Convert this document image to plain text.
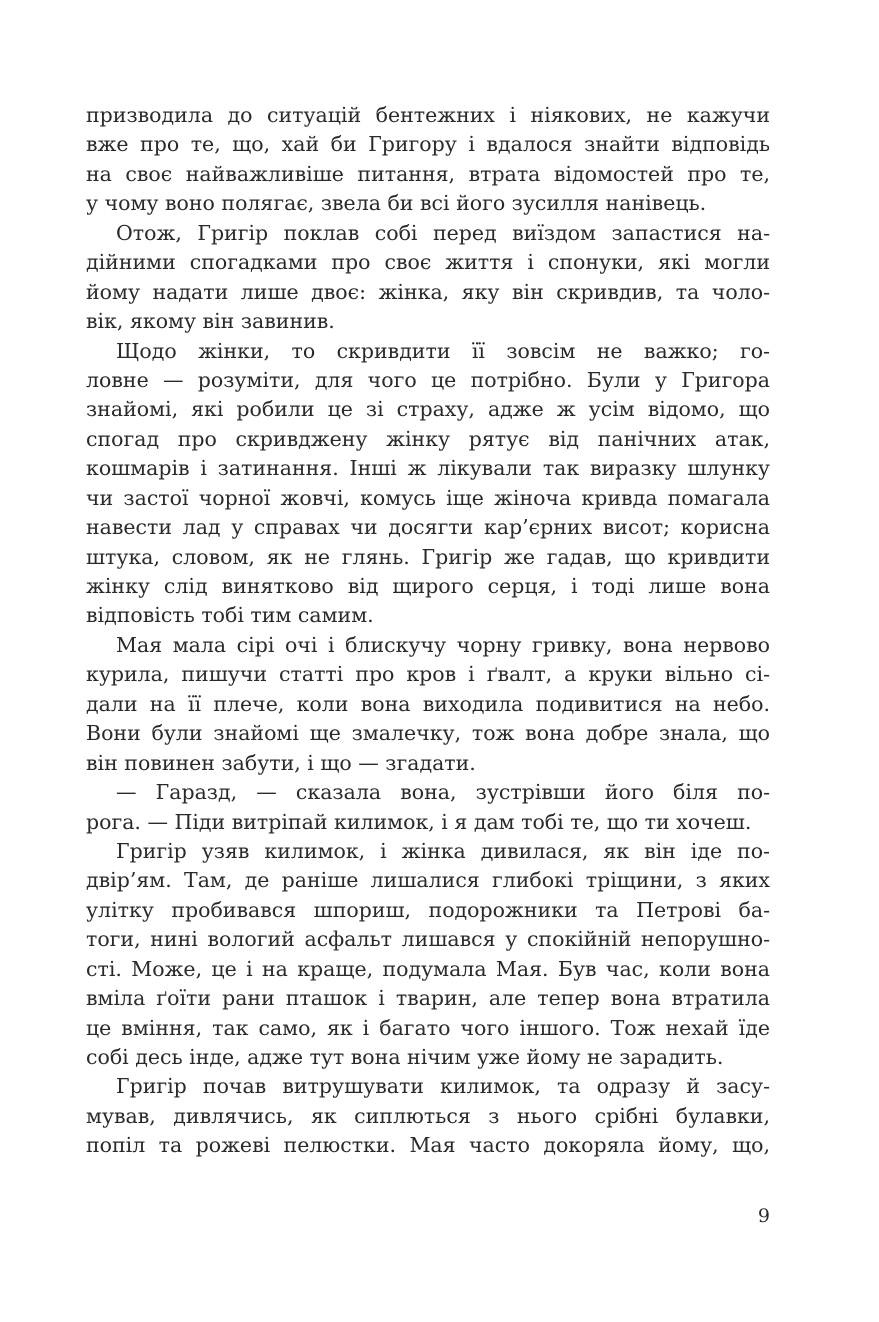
призводила до ситуацій бентежних і ніякових, не кажучи
вже про те, що, хай би Григору і вдалося знайти відповідь
на своє найважливіше питання, втрата відомостей про те,
у чому воно полягає, звела би всі його зусилля нанівець.
Отож, Григір поклав собі перед виїздом запастися на-
дійними спогадками про своє життя і спонуки, які могли
йому надати лише двоє: жінка, яку він скривдив, та чоло-
вік, якому він завинив.
Щодо жінки, то скривдити її зовсім не важко; го-
ловне — розуміти, для чого це потрібно. Були у Григора
знайомі, які робили це зі страху, адже ж усім відомо, що
спогад про скривджену жінку рятує від панічних атак,
кошмарів і затинання. Інші ж лікували так виразку шлунку
чи застої чорної жовчі, комусь іще жіноча кривда помагала
навести лад у справах чи досягти кар’єрних висот; корисна
штука, словом, як не глянь. Григір же гадав, що кривдити
жінку слід винятково від щирого серця, і тоді лише вона
відповість тобі тим самим.
Мая мала сірі очі і блискучу чорну гривку, вона нервово
курила, пишучи статті про кров і ґвалт, а круки вільно сі-
дали на її плече, коли вона виходила подивитися на небо.
Вони були знайомі ще змалечку, тож вона добре знала, що
він повинен забути, і що — згадати.
— Гаразд, — сказала вона, зустрівши його біля по-
рога. — Піди витріпай килимок, і я дам тобі те, що ти хочеш.
Григір узяв килимок, і жінка дивилася, як він іде по-
двір’ям. Там, де раніше лишалися глибокі тріщини, з яких
улітку пробивався шпориш, подорожники та Петрові ба-
тоги, нині вологий асфальт лишався у спокійній непорушно-
сті. Може, це і на краще, подумала Мая. Був час, коли вона
вміла ґоїти рани пташок і тварин, але тепер вона втратила
це вміння, так само, як і багато чого іншого. Тож нехай їде
собі десь інде, адже тут вона нічим уже йому не зарадить.
Григір почав витрушувати килимок, та одразу й засу-
мував, дивлячись, як сиплються з нього срібні булавки,
попіл та рожеві пелюстки. Мая часто докоряла йому, що,
9
